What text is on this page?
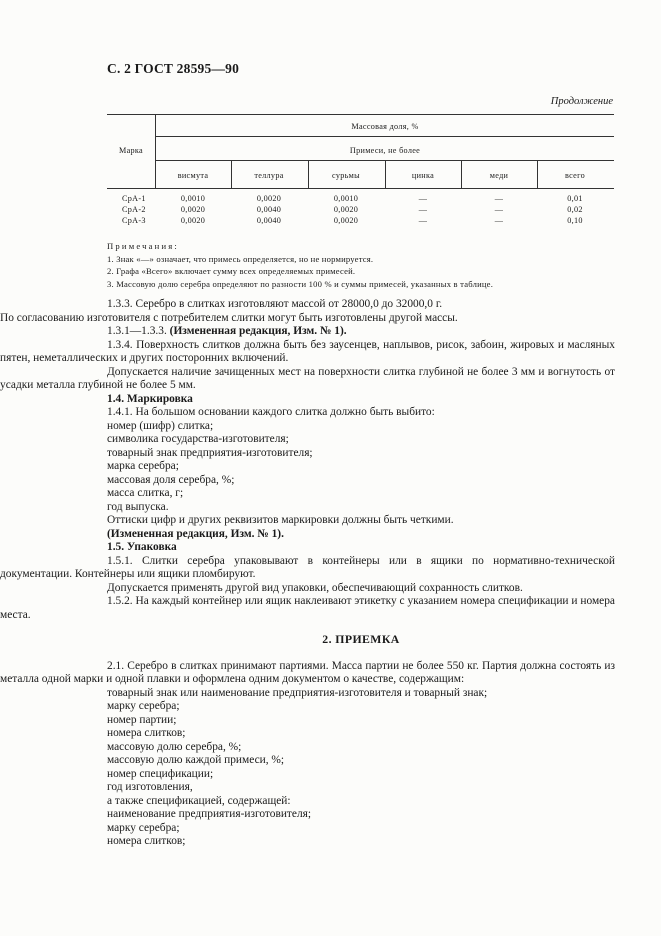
С. 2 ГОСТ 28595—90
Продолжение
Марка
Массовая доля, %
Примеси, не более
висмута	теллура	сурьмы	цинка	меди	всего
СрА-1	0,0010	0,0020	0,0010	—	—	0,01
СрА-2	0,0020	0,0040	0,0020	—	—	0,02
СрА-3	0,0020	0,0040	0,0020	—	—	0,10
Примечания:
1. Знак «—» означает, что примесь определяется, но не нормируется.
2. Графа «Всего» включает сумму всех определяемых примесей.
3. Массовую долю серебра определяют по разности 100 % и суммы примесей, указанных в таблице.

1.3.3. Серебро в слитках изготовляют массой от 28000,0 до 32000,0 г.

По согласованию изготовителя с потребителем слитки могут быть изготовлены другой массы.

1.3.1—1.3.3. (Измененная редакция, Изм. № 1).

1.3.4. Поверхность слитков должна быть без заусенцев, наплывов, рисок, забоин, жировых и масляных пятен, неметаллических и других посторонних включений.

Допускается наличие зачищенных мест на поверхности слитка глубиной не более 3 мм и вогнутость от усадки металла глубиной не более 5 мм.

1.4. Маркировка

1.4.1. На большом основании каждого слитка должно быть выбито:

номер (шифр) слитка;

символика государства-изготовителя;

товарный знак предприятия-изготовителя;

марка серебра;

массовая доля серебра, %;

масса слитка, г;

год выпуска.

Оттиски цифр и других реквизитов маркировки должны быть четкими.

(Измененная редакция, Изм. № 1).

1.5. Упаковка

1.5.1. Слитки серебра упаковывают в контейнеры или в ящики по нормативно-технической документации. Контейнеры или ящики пломбируют.

Допускается применять другой вид упаковки, обеспечивающий сохранность слитков.

1.5.2. На каждый контейнер или ящик наклеивают этикетку с указанием номера спецификации и номера места.

2. ПРИЕМКА

2.1. Серебро в слитках принимают партиями. Масса партии не более 550 кг. Партия должна состоять из металла одной марки и одной плавки и оформлена одним документом о качестве, содержащим:

товарный знак или наименование предприятия-изготовителя и товарный знак;

марку серебра;

номер партии;

номера слитков;

массовую долю серебра, %;

массовую долю каждой примеси, %;

номер спецификации;

год изготовления,

а также спецификацией, содержащей:

наименование предприятия-изготовителя;

марку серебра;

номера слитков;
